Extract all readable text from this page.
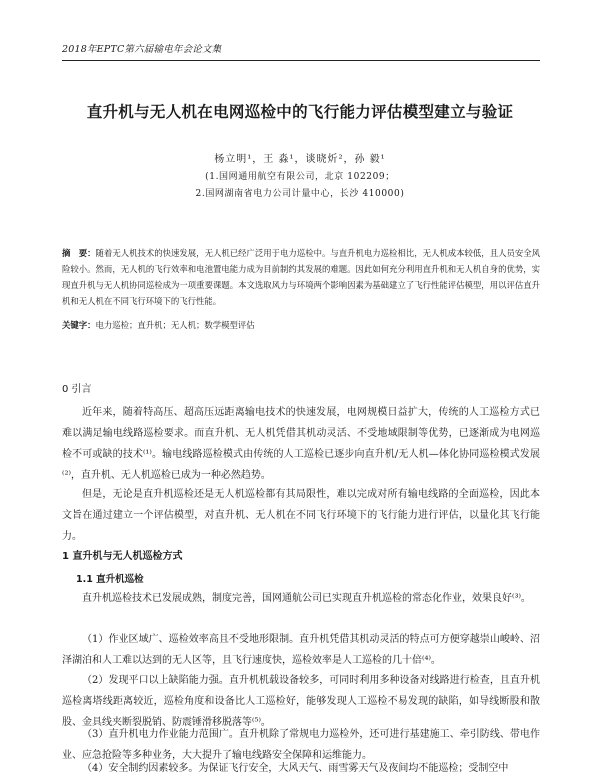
2018年EPTC第六届输电年会论文集
直升机与无人机在电网巡检中的飞行能力评估模型建立与验证
杨立明¹，王 淼¹，谈晓炘²，孙 毅¹
(1.国网通用航空有限公司，北京 102209；
2.国网湖南省电力公司计量中心，长沙 410000)
摘　要：随着无人机技术的快速发展，无人机已经广泛用于电力巡检中。与直升机电力巡检相比，无人机成本较低，且人员安全风险较小。然而，无人机的飞行效率和电池置电能力成为目前制约其发展的难题。因此如何充分利用直升机和无人机自身的优势，实现直升机与无人机协同巡检成为一项重要课题。本文选取风力与环境两个影响因素为基础建立了飞行性能评估模型，用以评估直升机和无人机在不同飞行环境下的飞行性能。
关键字：电力巡检；直升机；无人机；数学模型评估
0 引言
近年来，随着特高压、超高压远距离输电技术的快速发展，电网规模日益扩大，传统的人工巡检方式已难以满足输电线路巡检要求。而直升机、无人机凭借其机动灵活、不受地域限制等优势，已逐渐成为电网巡检不可或缺的技术⁽¹⁾。输电线路巡检模式由传统的人工巡检已逐步向直升机/无人机—体化协同巡检模式发展⁽²⁾，直升机、无人机巡检已成为一种必然趋势。
但是，无论是直升机巡检还是无人机巡检都有其局限性，难以完成对所有输电线路的全面巡检，因此本文旨在通过建立一个评估模型，对直升机、无人机在不同飞行环境下的飞行能力进行评估，以量化其飞行能力。
1 直升机与无人机巡检方式
1.1 直升机巡检
直升机巡检技术已发展成熟，制度完善，国网通航公司已实现直升机巡检的常态化作业，效果良好⁽³⁾。
（1）作业区域广、巡检效率高且不受地形限制。直升机凭借其机动灵活的特点可方便穿越崇山峻岭、沼泽湖泊和人工难以达到的无人区等，且飞行速度快，巡检效率是人工巡检的几十倍⁽⁴⁾。
（2）发现平口以上缺陷能力强。直升机机载设备较多，可同时利用多种设备对线路进行检查，且直升机巡检离塔线距离较近，巡检角度和设备比人工巡检好，能够发现人工巡检不易发现的缺陷，如导线断股和散股、金具线夹断裂脱销、防震锤滑移脱落等⁽⁵⁾。
（3）直升机电力作业能力范围广。直升机除了常规电力巡检外，还可进行基建施工、牵引防线、带电作业、应急抢险等多种业务，大大提升了输电线路安全保障和运维能力。
（4）安全制约因素较多。为保证飞行安全，大风天气、雨雪雾天气及夜间均不能巡检；受制空中
